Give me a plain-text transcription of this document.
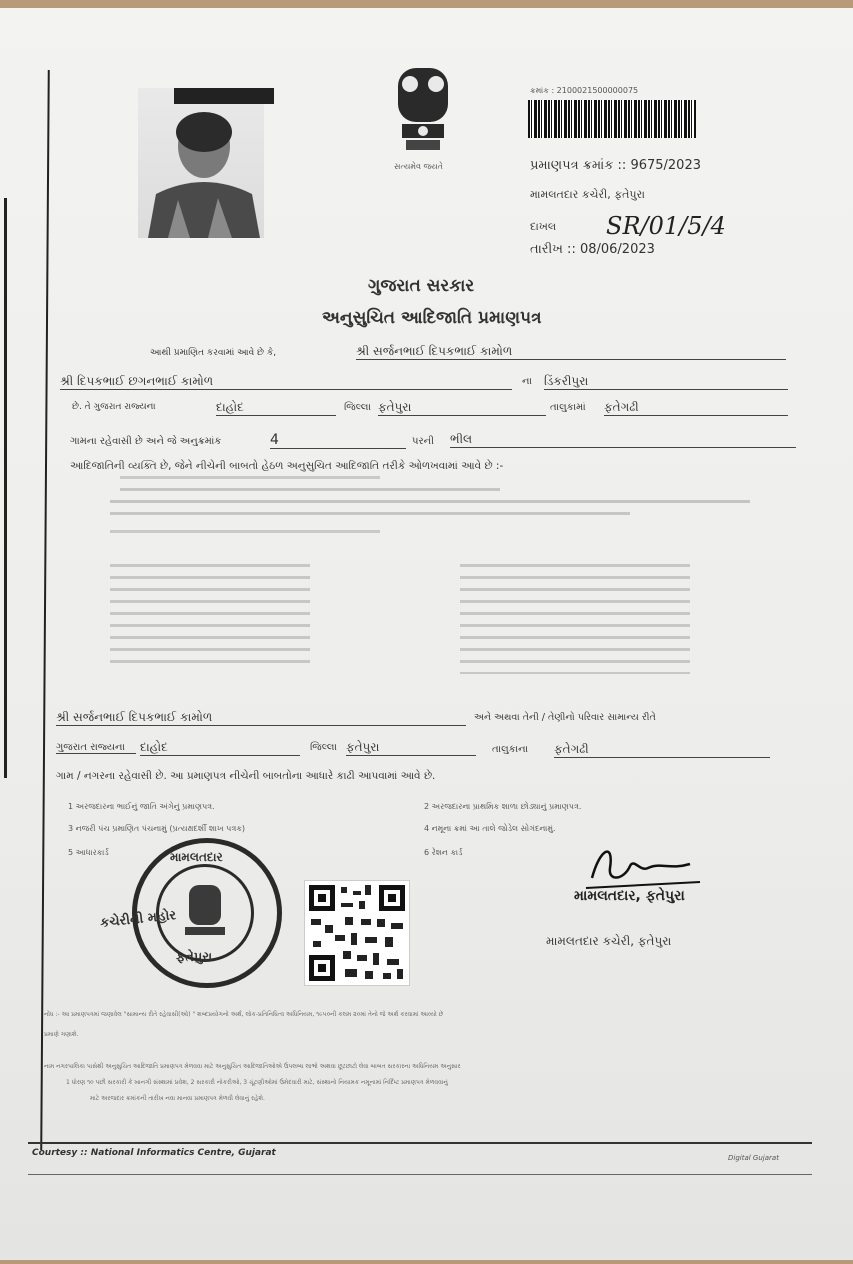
સત્યમેવ જયતે
ક્રમાંક : 2100021500000075
પ્રમાણપત્ર ક્રમાંક :: 9675/2023
મામલતદાર કચેરી, ફતેપુરા
દાખલ SR/01/5/4
તારીખ :: 08/06/2023
ગુજરાત સરકાર
અનુસુચિત આદિજાતિ પ્રમાણપત્ર
આથી પ્રમાણિત કરવામાં આવે છે કે,	શ્રી સર્જનભાઈ દિપકભાઈ કામોળ
શ્રી દિપકભાઈ છગનભાઈ કામોળ	ના ડિંકરીપુરા
છે. તે ગુજરાત રાજ્યના	દાહોદ	જિલ્લા ફતેપુરા	તાલુકામાં ફતેગઢી
ગામના રહેવાસી છે અને જે અનુક્રમાંક	4	પરની ભીલ
આદિજાતિની વ્યક્તિ છે, જેને નીચેની બાબતો હેઠળ અનુસુચિત આદિજાતિ તરીકે ઓળખવામાં આવે છે :-
શ્રી સર્જનભાઈ દિપકભાઈ કામોળ	અને અથવા તેની / તેણીનો પરિવાર સામાન્ય રીતે
ગુજરાત રાજ્યના	દાહોદ	જિલ્લા ફતેપુરા	તાલુકાના ફતેગઢી
ગામ / નગરના રહેવાસી છે. આ પ્રમાણપત્ર નીચેની બાબતોના આધારે કાઢી આપવામાં આવે છે.
1 અરજદારના ભાઈનું જાતિ અંગેનું પ્રમાણપત્ર.	2 અરજદારના પ્રાથમિક શાળા છોડ્યાનું પ્રમાણપત્ર.
3 નજરી પંચ પ્રમાણિત પંચનામું (પ્રત્યક્ષદર્શી શાખ પત્રક)	4 નમૂના ક્રમાં આ તાલે જોડેલ સોગંદનામું.
5 આધારકાર્ડ	6 રેશન કાર્ડ
મામલતદાર
કચેરીની મહોર
ફતેપુરા
મામલતદાર, ફતેપુરા
મામલતદાર કચેરી, ફતેપુરા
નોંધ :- આ પ્રમાણપત્રમાં જણાવેલ "સામાન્ય રીતે રહેવાસી(ઓ) " શબ્દપ્રયોગનો અર્થ, લોક-પ્રતિનિધિત્વ અધિનિયમ, ૧૯૫૦ની કલમ ૨૦માં તેનો જે અર્થ કરવામાં આવ્યો છે
પ્રમાણે ગણાશે.
નામ નગરપાલિકા પાસેથી અનુસુચિત આદિજાતિ પ્રમાણપત્ર મેળવવા માટે અનુસુચિત આદિજાતિઓએ ઉપલબ્ધ લાભો અથવા છૂટછાટો લેવા બાબત સરકારના અધિનિયમ અનુસાર
1 ધોરણ ૧૦ પછી સરકારી કે ખાનગી સંસ્થામાં પ્રવેશ, 2 સરકારી નોકરીઓ, 3 ચૂંટણીઓમાં ઉમેદવારી માટે, સંસ્થાનો નિયામક નમૂનામાં નિર્દિષ્ટ પ્રમાણપત્ર મેળવવાનું
માટે અરજદાર ક્રમાંકની તારીખ નવા માનવા પ્રમાણપત્ર મેળવી લેવાનું રહેશે.
Courtesy :: National Informatics Centre, Gujarat	Digital Gujarat
